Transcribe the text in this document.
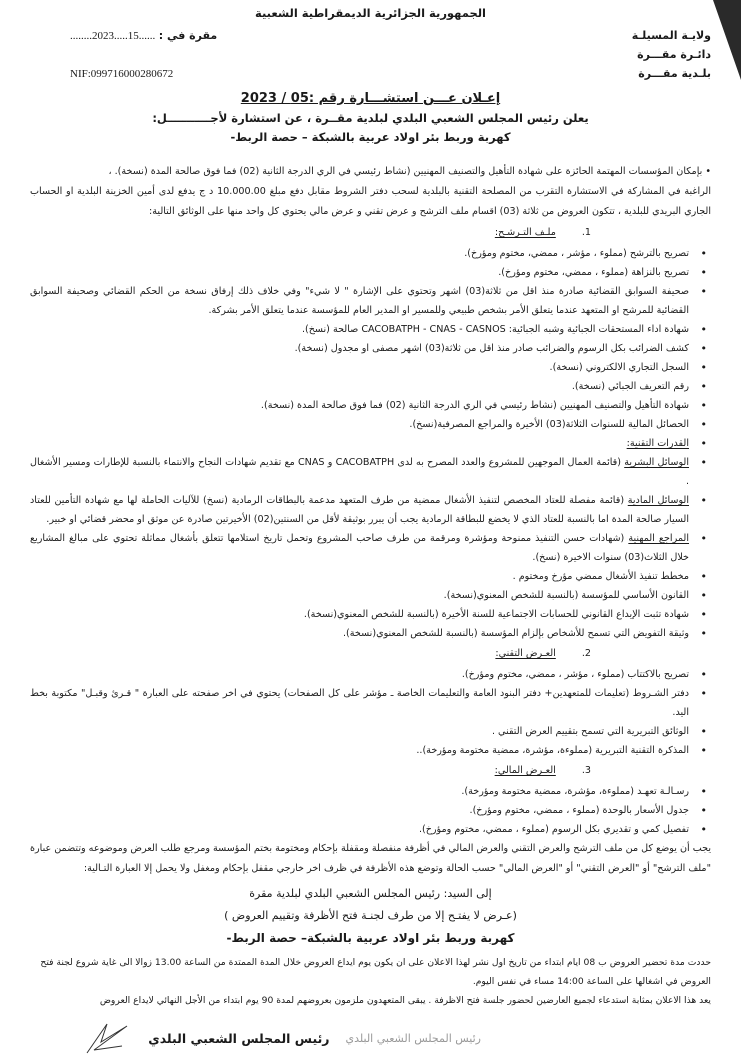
الجمهورية الجزائرية الديمقراطية الشعبية
ولايـة المسيلـة
مقرة في : ......15.....2023........
دائـرة مقـــرة
بلـدية مقـــرة
NIF:099716000280672
إعـلان عـــن استشـــارة رقم :05 / 2023
يعلن رئيس المجلس الشعبي البلدي لبلدية مقــرة ، عن استشارة لأجـــــــــــل:
كهربة وربط بئر اولاد عربية بالشبكة – حصة الربط-
• بإمكان المؤسسات المهتمة الحائزة على شهادة التأهيل والتصنيف المهنيين (نشاط رئيسي في الري الدرجة الثانية (02) فما فوق صالحة المدة (نسخة). ،
الراغبة في المشاركة في الاستشارة التقرب من المصلحة التقنية بالبلدية لسحب دفتر الشروط مقابل دفع مبلغ 10.000.00 د ج يدفع لدى أمين الخزينة البلدية او الحساب الجاري البريدي للبلدية ، تتكون العروض من ثلاثة (03) اقسام ملف الترشح و عرض تقني و عرض مالي يحتوي كل واحد منها على الوثائق التالية:
1.ملـف التـرشـح:
• تصريح بالترشح (مملوء ، مؤشر ، ممضي، مختوم ومؤرخ).
• تصريح بالنزاهة (مملوء ، ممضي، مختوم ومؤرخ).
• صحيفة السوابق القضائية صادرة منذ اقل من ثلاثة(03) اشهر وتحتوي على الإشارة " لا شيء" وفي خلاف ذلك إرفاق نسخة من الحكم القضائي وصحيفة السوابق القضائية للمرشح او المتعهد عندما يتعلق الأمر بشخص طبيعي وللمسير او المدير العام للمؤسسة عندما يتعلق الأمر بشركة.
• شهادة اداء المستحقات الجبائية وشبه الجبائية: CACOBATPH - CNAS - CASNOS صالحة (نسخ).
• كشف الضرائب بكل الرسوم والضرائب صادر منذ اقل من ثلاثة(03) اشهر مصفى او مجدول (نسخة).
• السجل التجاري الالكتروني (نسخة).
• رقم التعريف الجبائي (نسخة).
• شهادة التأهيل والتصنيف المهنيين (نشاط رئيسي في الري الدرجة الثانية (02) فما فوق صالحة المدة (نسخة).
• الحصائل المالية للسنوات الثلاثة(03) الأخيرة والمراجع المصرفية(نسخ).
• القدرات التقنية:
• الوسائل البشرية (قائمة العمال الموجهين للمشروع والعدد المصرح به لدى CACOBATPH و CNAS مع تقديم شهادات النجاح والانتماء بالنسبة للإطارات ومسير الأشغال .
• الوسائل المادية (قائمة مفصلة للعتاد المخصص لتنفيذ الأشغال ممضية من طرف المتعهد مدعمة بالبطاقات الرمادية (نسخ) للآليات الحاملة لها مع شهادة التأمين للعتاد السيار صالحة المدة اما بالنسبة للعتاد الذي لا يخضع للبطاقة الرمادية يجب أن يبرر بوثيقة لأقل من السنتين(02) الأخيرتين صادرة عن موثق او محضر قضائي او خبير.
• المراجع المهنية (شهادات حسن التنفيذ ممنوحة ومؤشرة ومرقمة من طرف صاحب المشروع وتحمل تاريخ استلامها تتعلق بأشغال مماثلة تحتوي على مبالغ المشاريع خلال الثلاث(03) سنوات الاخيرة (نسخ).
• مخطط تنفيذ الأشغال ممضي مؤرخ ومختوم .
• القانون الأساسي للمؤسسة (بالنسبة للشخص المعنوي(نسخة).
• شهادة تثبت الإيداع القانوني للحسابات الاجتماعية للسنة الأخيرة (بالنسبة للشخص المعنوي(نسخة).
• وثيقة التفويض التي تسمح للأشخاص بإلزام المؤسسة (بالنسبة للشخص المعنوي(نسخة).
2.العـرض التقني:
• تصريح بالاكتتاب (مملوء ، مؤشر ، ممضي، مختوم ومؤرخ).
• دفتر الشـروط (تعليمات للمتعهدين+ دفتر البنود العامة والتعليمات الخاصة ـ مؤشر على كل الصفحات) يحتوي في اخر صفحته على العبارة " قـرئ وقبـل" مكتوبة بخط اليد.
• الوثائق التبريرية التي تسمح بتقييم العرض التقني .
• المذكرة التقنية التبريرية (مملوءة، مؤشرة، ممضية مختومة ومؤرخة)..
3.العـرض المالي:
• رسـالـة تعهـد (مملوءة، مؤشرة، ممضية مختومة ومؤرخة).
• جدول الأسعار بالوحدة (مملوء ، ممضي، مختوم ومؤرخ).
• تفصيل كمي و تقديري بكل الرسوم (مملوء ، ممضي، مختوم ومؤرخ).
يجب أن يوضع كل من ملف الترشح والعرض التقني والعرض المالي في أظرفة منفصلة ومقفلة بإحكام ومختومة بختم المؤسسة ومرجع طلب العرض وموضوعه وتتضمن عبارة "ملف الترشح" أو "العرض التقني" أو "العرض المالي" حسب الحالة وتوضع هذه الأظرفة في ظرف اخر خارجي مقفل بإحكام ومغفل ولا يحمل إلا العبارة التـالية:
إلى السيد: رئيس المجلس الشعبي البلدي لبلدية مقرة
(عـرض لا يفتـح إلا من طرف لجنـة فتح الأظرفة وتقييم العروض )
كهربة وربط بئر اولاد عربية بالشبكة– حصة الربط-
حددت مدة تحضير العروض ب 08 ايام ابتداء من تاريخ اول نشر لهذا الاعلان على ان يكون يوم ايداع العروض خلال المدة الممتدة من الساعة 13.00 زوالا الى غاية شروع لجنة فتح العروض في اشغالها على الساعة 14:00 مساء في نفس اليوم.
يعد هذا الاعلان بمثابة استدعاء لجميع العارضين لحضور جلسة فتح الاظرفة . يبقى المتعهدون ملزمون بعروضهم لمدة 90 يوم ابتداء من الأجل النهائي لايداع العروض
رئيس المجلس الشعبي البلدي
رئيس المجلس الشعبي البلدي
